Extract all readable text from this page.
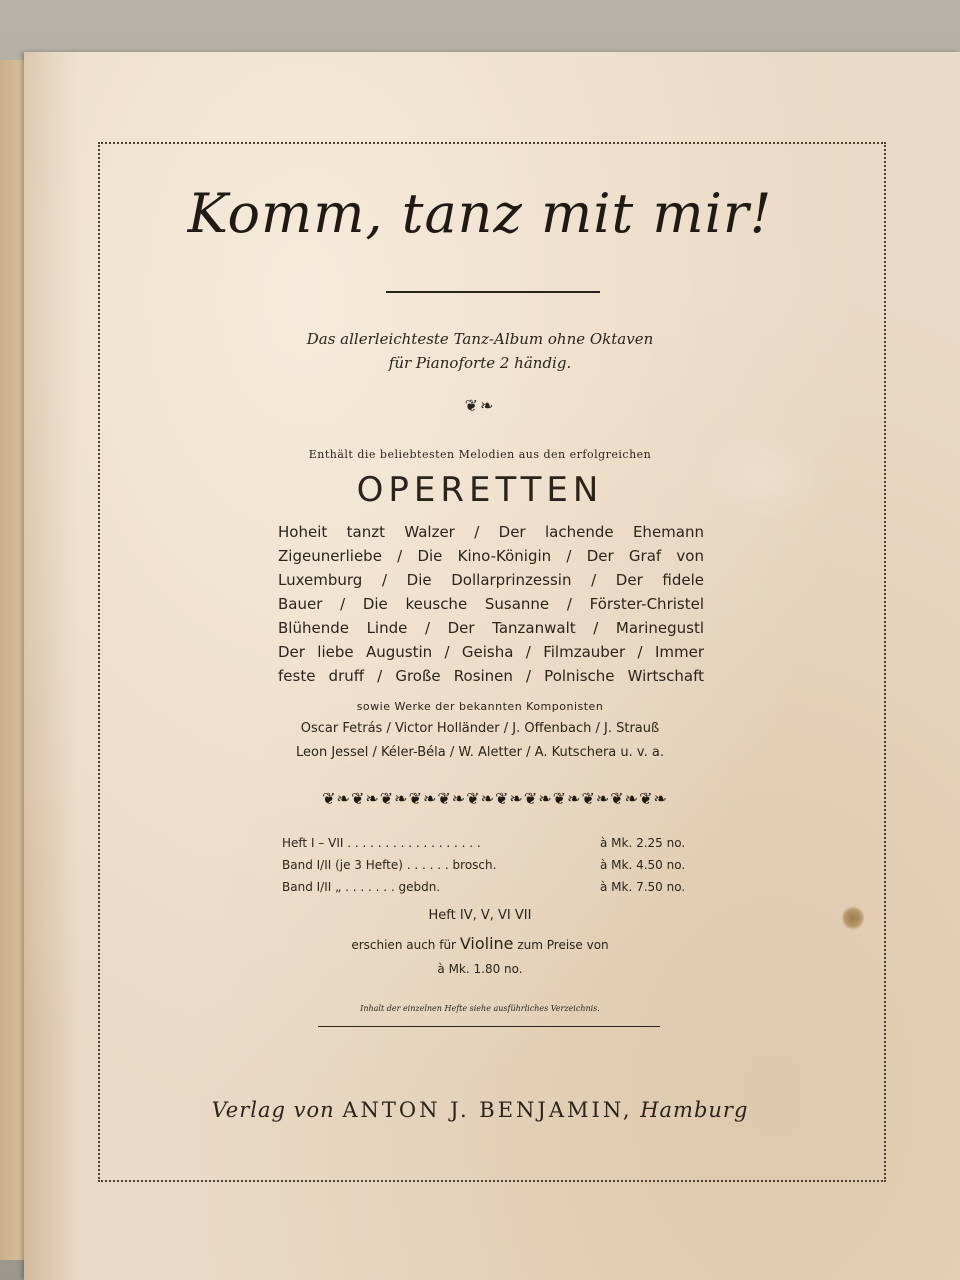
Komm, tanz mit mir!
Das allerleichteste Tanz-Album ohne Oktaven
für Pianoforte 2 händig.
❦❧
Enthält die beliebtesten Melodien aus den erfolgreichen
OPERETTEN
Hoheit tanzt Walzer / Der lachende Ehemann
Zigeunerliebe / Die Kino-Königin / Der Graf von
Luxemburg / Die Dollarprinzessin / Der fidele
Bauer / Die keusche Susanne / Förster-Christel
Blühende Linde / Der Tanzanwalt / Marinegustl
Der liebe Augustin / Geisha / Filmzauber / Immer
feste druff / Große Rosinen / Polnische Wirtschaft
sowie Werke der bekannten Komponisten
Oscar Fetrás / Victor Holländer / J. Offenbach / J. Strauß
Leon Jessel / Kéler-Béla / W. Aletter / A. Kutschera u. v. a.
❦❧❦❧❦❧❦❧❦❧❦❧❦❧❦❧❦❧❦❧❦❧❦❧
Heft I – VII . . . . . . . . . . . . . . . . . .	à Mk. 2.25 no.
Band I/II (je 3 Hefte) . . . . . . brosch.	à Mk. 4.50 no.
Band I/II „ . . . . . . . gebdn.	à Mk. 7.50 no.
Heft IV, V, VI VII
erschien auch für Violine zum Preise von
à Mk. 1.80 no.
Inhalt der einzelnen Hefte siehe ausführliches Verzeichnis.
Verlag von ANTON J. BENJAMIN, Hamburg
